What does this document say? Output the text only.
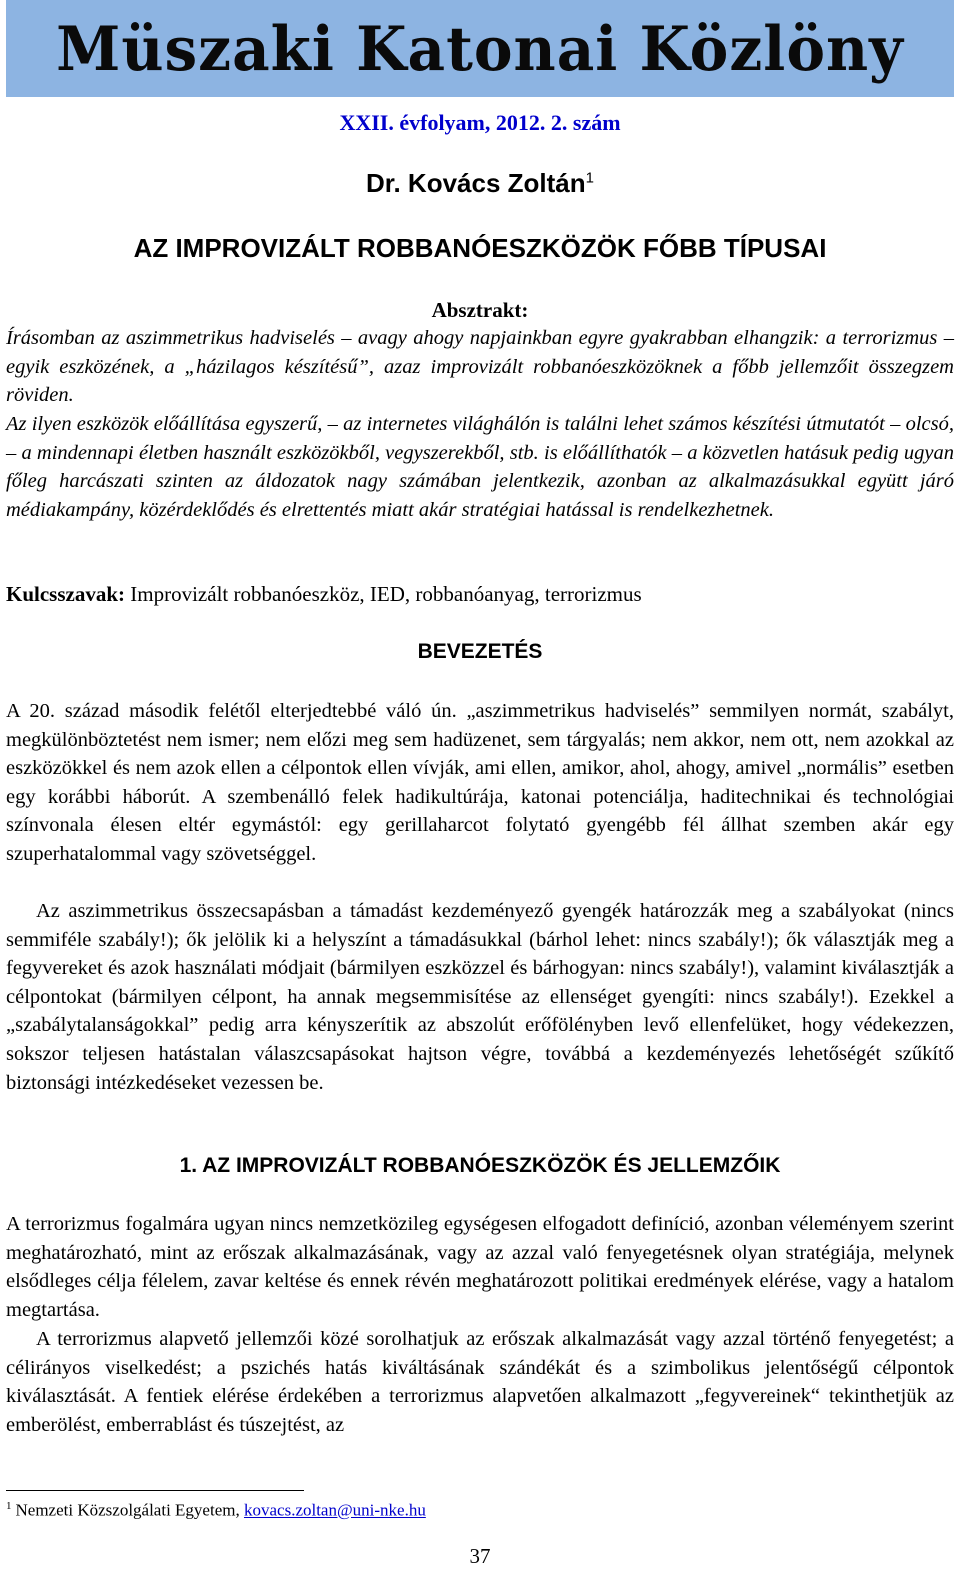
Müszaki Katonai Közlöny
XXII. évfolyam, 2012. 2. szám
Dr. Kovács Zoltán$^1$
AZ IMPROVIZÁLT ROBBANÓESZKÖZÖK FŐBB TÍPUSAI
Absztrakt:

Írásomban az aszimmetrikus hadviselés – avagy ahogy napjainkban egyre gyakrabban elhangzik: a terrorizmus – egyik eszközének, a „házilagos készítésű”, azaz improvizált robbanóeszközöknek a főbb jellemzőit összegzem röviden.

Az ilyen eszközök előállítása egyszerű, – az internetes világhálón is találni lehet számos készítési útmutatót – olcsó, – a mindennapi életben használt eszközökből, vegyszerekből, stb. is előállíthatók – a közvetlen hatásuk pedig ugyan főleg harcászati szinten az áldozatok nagy számában jelentkezik, azonban az alkalmazásukkal együtt járó médiakampány, közérdeklődés és elrettentés miatt akár stratégiai hatással is rendelkezhetnek.

Kulcsszavak: Improvizált robbanóeszköz, IED, robbanóanyag, terrorizmus
BEVEZETÉS

A 20. század második felétől elterjedtebbé váló ún. „aszimmetrikus hadviselés” semmilyen normát, szabályt, megkülönböztetést nem ismer; nem előzi meg sem hadüzenet, sem tárgyalás; nem akkor, nem ott, nem azokkal az eszközökkel és nem azok ellen a célpontok ellen vívják, ami ellen, amikor, ahol, ahogy, amivel „normális” esetben egy korábbi háborút. A szembenálló felek hadikultúrája, katonai potenciálja, haditechnikai és technológiai színvonala élesen eltér egymástól: egy gerillaharcot folytató gyengébb fél állhat szemben akár egy szuperhatalommal vagy szövetséggel.

Az aszimmetrikus összecsapásban a támadást kezdeményező gyengék határozzák meg a szabályokat (nincs semmiféle szabály!); ők jelölik ki a helyszínt a támadásukkal (bárhol lehet: nincs szabály!); ők választják meg a fegyvereket és azok használati módjait (bármilyen eszközzel és bárhogyan: nincs szabály!), valamint kiválasztják a célpontokat (bármilyen célpont, ha annak megsemmisítése az ellenséget gyengíti: nincs szabály!). Ezekkel a „szabálytalanságokkal” pedig arra kényszerítik az abszolút erőfölényben levő ellenfelüket, hogy védekezzen, sokszor teljesen hatástalan válaszcsapásokat hajtson végre, továbbá a kezdeményezés lehetőségét szűkítő biztonsági intézkedéseket vezessen be.

1. AZ IMPROVIZÁLT ROBBANÓESZKÖZÖK ÉS JELLEMZŐIK

A terrorizmus fogalmára ugyan nincs nemzetközileg egységesen elfogadott definíció, azonban véleményem szerint meghatározható, mint az erőszak alkalmazásának, vagy az azzal való fenyegetésnek olyan stratégiája, melynek elsődleges célja félelem, zavar keltése és ennek révén meghatározott politikai eredmények elérése, vagy a hatalom megtartása.

A terrorizmus alapvető jellemzői közé sorolhatjuk az erőszak alkalmazását vagy azzal történő fenyegetést; a célirányos viselkedést; a pszichés hatás kiváltásának szándékát és a szimbolikus jelentőségű célpontok kiválasztását. A fentiek elérése érdekében a terrorizmus alapvetően alkalmazott „fegyvereinek“ tekinthetjük az emberölést, emberrablást és túszejtést, az

$^1$ Nemzeti Közszolgálati Egyetem, kovacs.zoltan@uni-nke.hu
37
